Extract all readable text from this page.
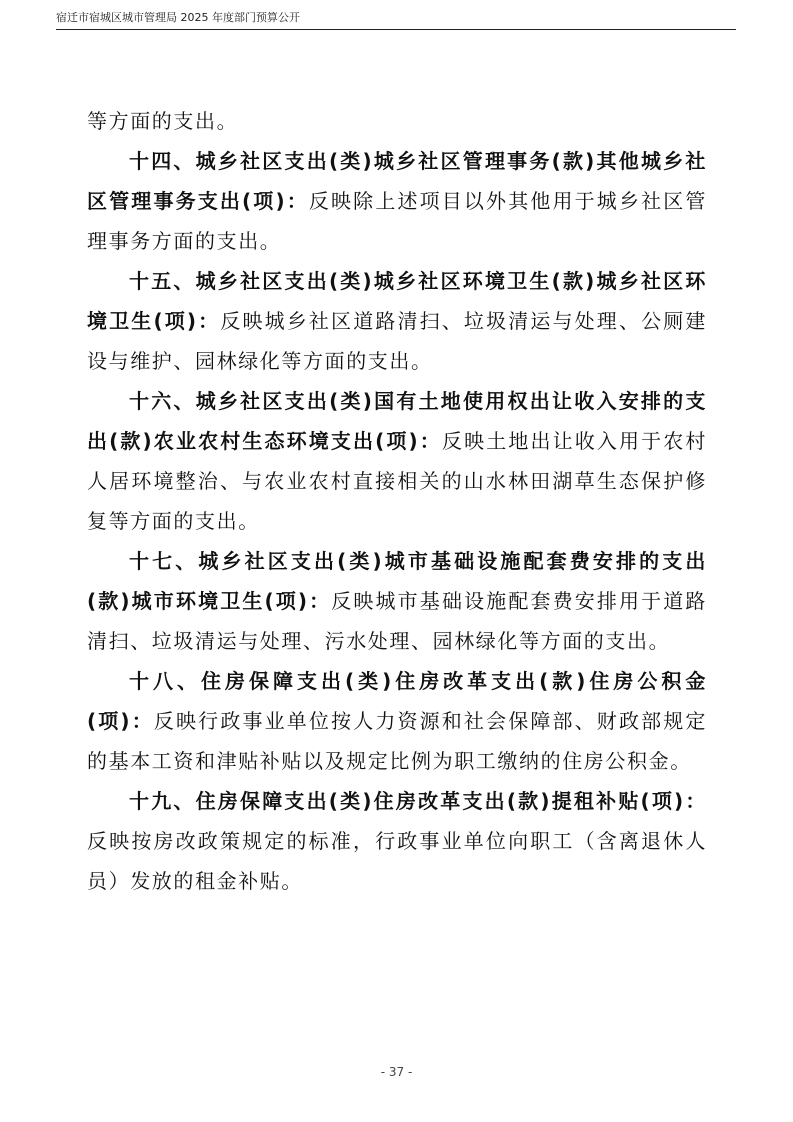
宿迁市宿城区城市管理局 2025 年度部门预算公开

等方面的支出。

十四、城乡社区支出(类)城乡社区管理事务(款)其他城乡社区管理事务支出(项)：反映除上述项目以外其他用于城乡社区管理事务方面的支出。

十五、城乡社区支出(类)城乡社区环境卫生(款)城乡社区环境卫生(项)：反映城乡社区道路清扫、垃圾清运与处理、公厕建设与维护、园林绿化等方面的支出。

十六、城乡社区支出(类)国有土地使用权出让收入安排的支出(款)农业农村生态环境支出(项)：反映土地出让收入用于农村人居环境整治、与农业农村直接相关的山水林田湖草生态保护修复等方面的支出。

十七、城乡社区支出(类)城市基础设施配套费安排的支出(款)城市环境卫生(项)：反映城市基础设施配套费安排用于道路清扫、垃圾清运与处理、污水处理、园林绿化等方面的支出。

十八、住房保障支出(类)住房改革支出(款)住房公积金(项)：反映行政事业单位按人力资源和社会保障部、财政部规定的基本工资和津贴补贴以及规定比例为职工缴纳的住房公积金。

十九、住房保障支出(类)住房改革支出(款)提租补贴(项)：反映按房改政策规定的标准，行政事业单位向职工（含离退休人员）发放的租金补贴。

- 37 -
